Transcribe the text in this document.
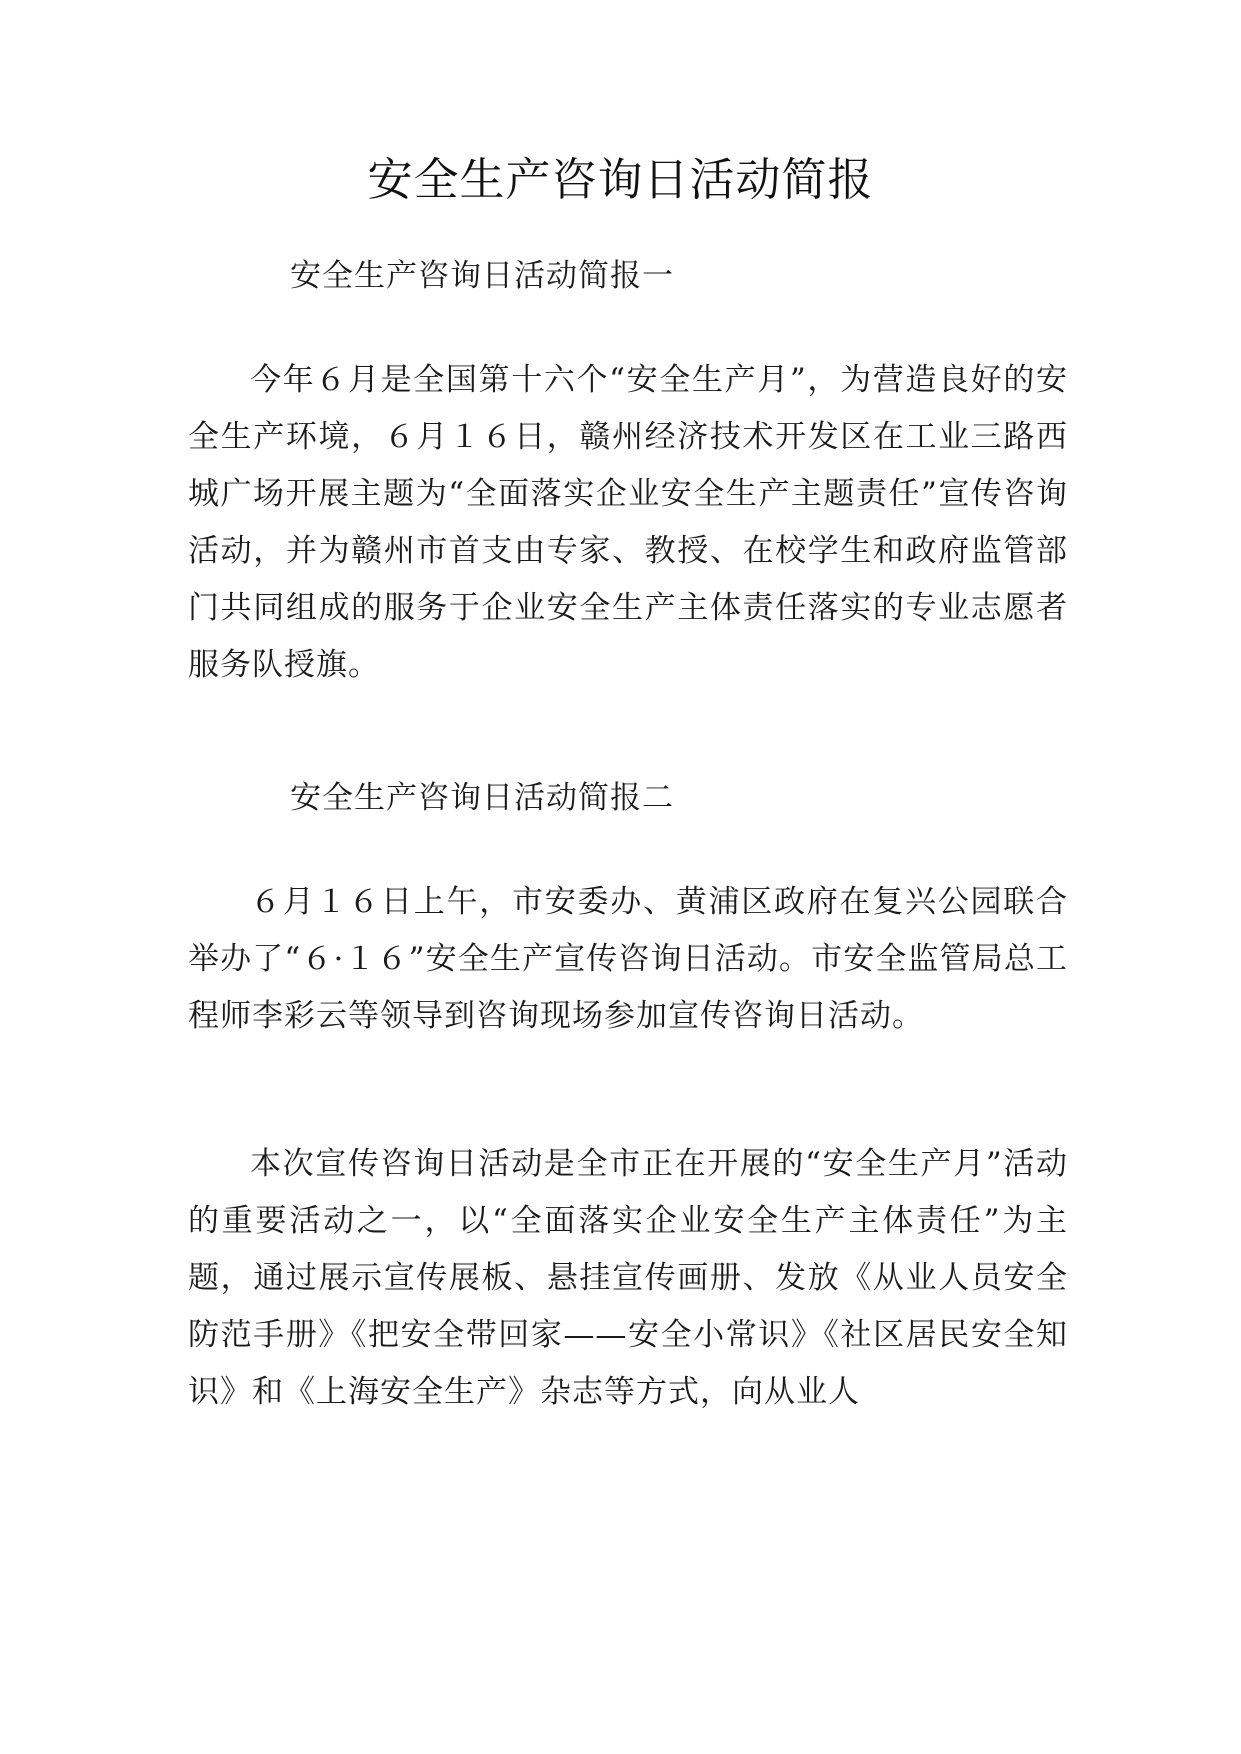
安全生产咨询日活动简报
安全生产咨询日活动简报一

今年６月是全国第十六个“安全生产月”，为营造良好的安全生产环境，６月１６日，赣州经济技术开发区在工业三路西城广场开展主题为“全面落实企业安全生产主题责任”宣传咨询活动，并为赣州市首支由专家、教授、在校学生和政府监管部门共同组成的服务于企业安全生产主体责任落实的专业志愿者服务队授旗。

安全生产咨询日活动简报二

６月１６日上午，市安委办、黄浦区政府在复兴公园联合举办了“６·１６”安全生产宣传咨询日活动。市安全监管局总工程师李彩云等领导到咨询现场参加宣传咨询日活动。

本次宣传咨询日活动是全市正在开展的“安全生产月”活动的重要活动之一，以“全面落实企业安全生产主体责任”为主题，通过展示宣传展板、悬挂宣传画册、发放《从业人员安全防范手册》《把安全带回家——安全小常识》《社区居民安全知识》和《上海安全生产》杂志等方式，向从业人
